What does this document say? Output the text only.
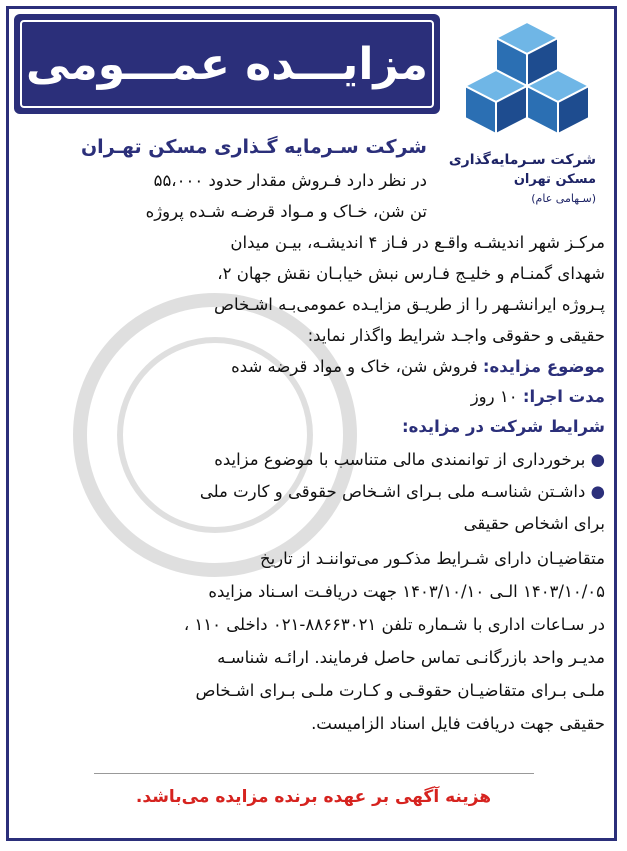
مزایـــده عمـــومی
شرکت سـرمایه‌گذاری
مسکن تهران
(سـهامی عام)
شرکت سـرمایه گـذاری مسکن تهـران
در نظر دارد فـروش مقدار حدود ۵۵،۰۰۰
تن شن، خـاک و مـواد قرضـه شـده پروژه
مرکـز شهر اندیشـه واقـع در فـاز ۴ اندیشـه، بیـن میدان
شهدای گمنـام و خلیـج فـارس نبش خیابـان نقش جهان ۲،
پـروژه ایرانشـهر را از طریـق مزایـده عمومی‌بـه اشـخاص
حقیقی و حقوقی واجـد شرایط واگذار نماید:
موضوع مزایده: فروش شن، خاک و مواد قرضه شده
مدت اجرا: ۱۰ روز
شرایط شرکت در مزایده:
● برخورداری از توانمندی مالی متناسب با موضوع مزایده
● داشـتن شناسـه ملی بـرای اشـخاص حقوقی و کارت ملی
برای اشخاص حقیقی
متقاضیـان دارای شـرایط مذکـور می‌تواننـد از تاریخ
۱۴۰۳/۱۰/۰۵ الـی ۱۴۰۳/۱۰/۱۰ جهت دریافـت اسـناد مزایده
در سـاعات اداری با شـماره تلفن ۸۸۶۶۳۰۲۱-۰۲۱ داخلی ۱۱۰ ،
مدیـر واحد بازرگانـی تماس حاصل فرمایند. ارائـه شناسـه
ملـی بـرای متقاضیـان حقوقـی و کـارت ملـی بـرای اشـخاص
حقیقی جهت دریافت فایل اسناد الزامیست.
هزینه آگهی بر عهده برنده مزایده می‌باشد.
